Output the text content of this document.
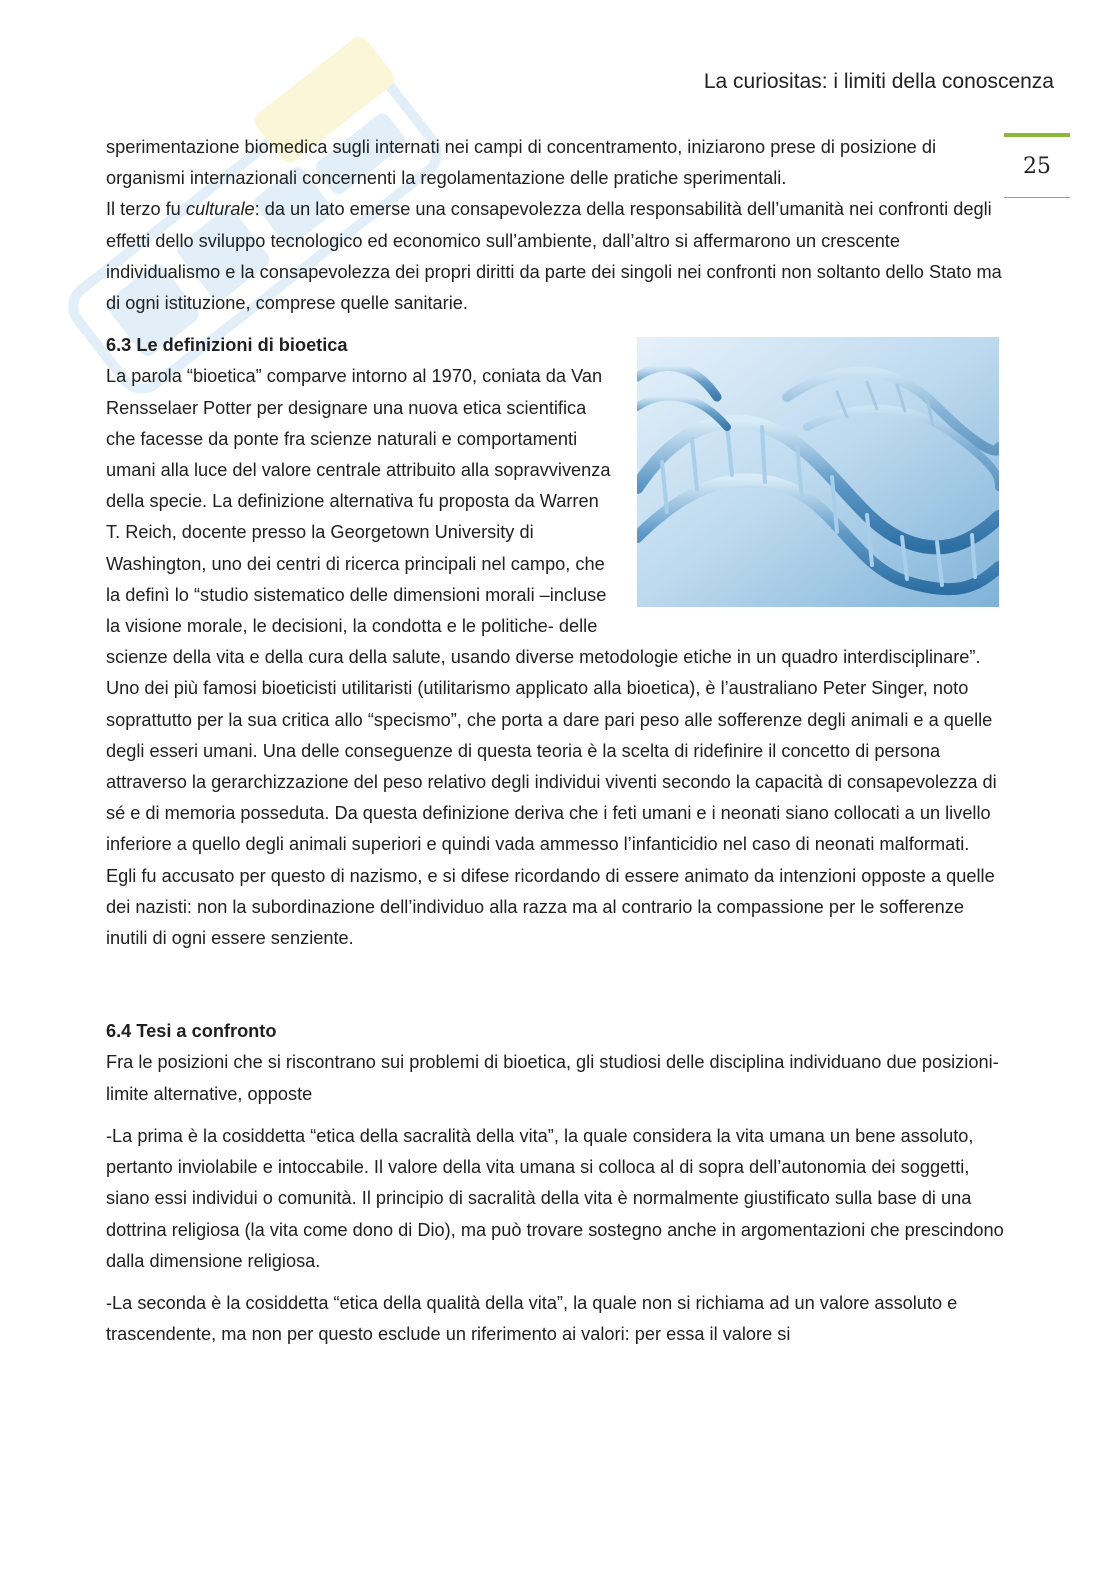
La curiositas: i limiti della conoscenza
25

sperimentazione biomedica sugli internati nei campi di concentramento, iniziarono prese di posizione di organismi internazionali concernenti la regolamentazione delle pratiche sperimentali.

Il terzo fu culturale: da un lato emerse una consapevolezza della responsabilità dell’umanità nei confronti degli effetti dello sviluppo tecnologico ed economico sull’ambiente, dall’altro si affermarono un crescente individualismo e la consapevolezza dei propri diritti da parte dei singoli nei confronti non soltanto dello Stato ma di ogni istituzione, comprese quelle sanitarie.

6.3 Le definizioni di bioetica

La parola “bioetica” comparve intorno al 1970, coniata da Van Rensselaer Potter per designare una nuova etica scientifica che facesse da ponte fra scienze naturali e comportamenti umani alla luce del valore centrale attribuito alla sopravvivenza della specie. La definizione alternativa fu proposta da Warren T. Reich, docente presso la Georgetown University di Washington, uno dei centri di ricerca principali nel campo, che la definì lo “studio sistematico delle dimensioni morali –incluse la visione morale, le decisioni, la condotta e le politiche- delle scienze della vita e della cura della salute, usando diverse metodologie etiche in un quadro interdisciplinare”.

Uno dei più famosi bioeticisti utilitaristi (utilitarismo applicato alla bioetica), è l’australiano Peter Singer, noto soprattutto per la sua critica allo “specismo”, che porta a dare pari peso alle sofferenze degli animali e a quelle degli esseri umani. Una delle conseguenze di questa teoria è la scelta di ridefinire il concetto di persona attraverso la gerarchizzazione del peso relativo degli individui viventi secondo la capacità di consapevolezza di sé e di memoria posseduta. Da questa definizione deriva che i feti umani e i neonati siano collocati a un livello inferiore a quello degli animali superiori e quindi vada ammesso l’infanticidio nel caso di neonati malformati. Egli fu accusato per questo di nazismo, e si difese ricordando di essere animato da intenzioni opposte a quelle dei nazisti: non la subordinazione dell’individuo alla razza ma al contrario la compassione per le sofferenze inutili di ogni essere senziente.

6.4 Tesi a confronto

Fra le posizioni che si riscontrano sui problemi di bioetica, gli studiosi delle disciplina individuano due posizioni-limite alternative, opposte

-La prima è la cosiddetta “etica della sacralità della vita”, la quale considera la vita umana un bene assoluto, pertanto inviolabile e intoccabile. Il valore della vita umana si colloca al di sopra dell’autonomia dei soggetti, siano essi individui o comunità. Il principio di sacralità della vita è normalmente giustificato sulla base di una dottrina religiosa (la vita come dono di Dio), ma può trovare sostegno anche in argomentazioni che prescindono dalla dimensione religiosa.

-La seconda è la cosiddetta “etica della qualità della vita”, la quale non si richiama ad un valore assoluto e trascendente, ma non per questo esclude un riferimento ai valori: per essa il valore si
